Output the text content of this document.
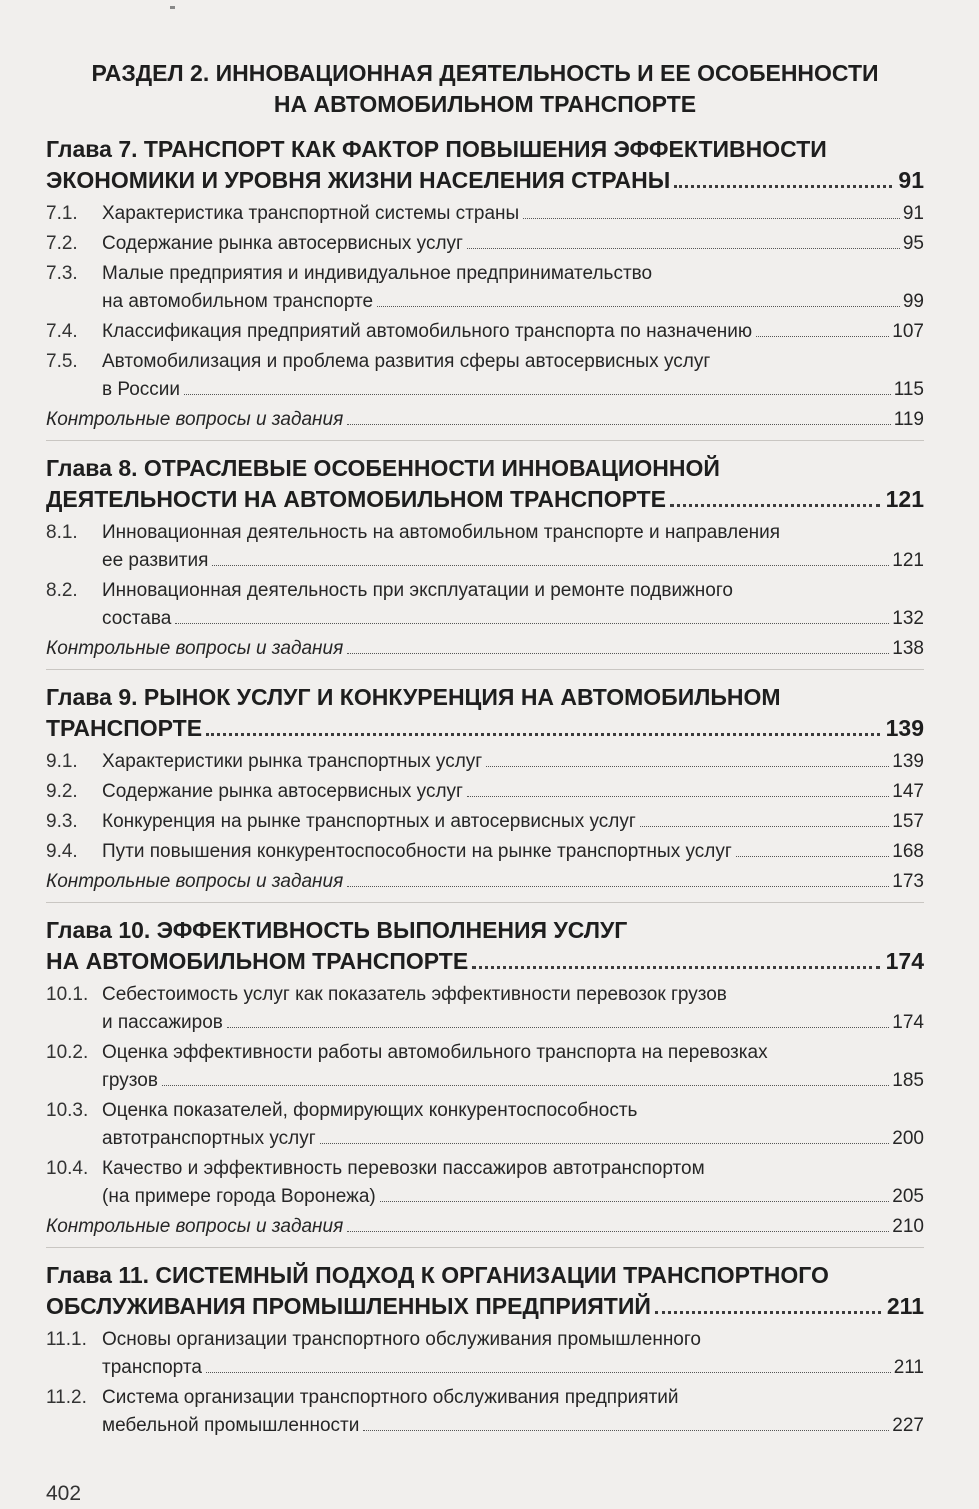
РАЗДЕЛ 2. ИННОВАЦИОННАЯ ДЕЯТЕЛЬНОСТЬ И ЕЕ ОСОБЕННОСТИ
НА АВТОМОБИЛЬНОМ ТРАНСПОРТЕ
Глава 7. ТРАНСПОРТ КАК ФАКТОР ПОВЫШЕНИЯ ЭФФЕКТИВНОСТИ
ЭКОНОМИКИ И УРОВНЯ ЖИЗНИ НАСЕЛЕНИЯ СТРАНЫ	91
7.1.	Характеристика транспортной системы страны	91
7.2.	Содержание рынка автосервисных услуг	95
7.3.	Малые предприятия и индивидуальное предпринимательство
на автомобильном транспорте	99
7.4.	Классификация предприятий автомобильного транспорта по назначению	107
7.5.	Автомобилизация и проблема развития сферы автосервисных услуг
в России	115
Контрольные вопросы и задания	119
Глава 8. ОТРАСЛЕВЫЕ ОСОБЕННОСТИ ИННОВАЦИОННОЙ
ДЕЯТЕЛЬНОСТИ НА АВТОМОБИЛЬНОМ ТРАНСПОРТЕ	121
8.1.	Инновационная деятельность на автомобильном транспорте и направления
ее развития	121
8.2.	Инновационная деятельность при эксплуатации и ремонте подвижного
состава	132
Контрольные вопросы и задания	138
Глава 9. РЫНОК УСЛУГ И КОНКУРЕНЦИЯ НА АВТОМОБИЛЬНОМ
ТРАНСПОРТЕ	139
9.1.	Характеристики рынка транспортных услуг	139
9.2.	Содержание рынка автосервисных услуг	147
9.3.	Конкуренция на рынке транспортных и автосервисных услуг	157
9.4.	Пути повышения конкурентоспособности на рынке транспортных услуг	168
Контрольные вопросы и задания	173
Глава 10. ЭФФЕКТИВНОСТЬ ВЫПОЛНЕНИЯ УСЛУГ
НА АВТОМОБИЛЬНОМ ТРАНСПОРТЕ	174
10.1. Себестоимость услуг как показатель эффективности перевозок грузов
и пассажиров	174
10.2. Оценка эффективности работы автомобильного транспорта на перевозках
грузов	185
10.3. Оценка показателей, формирующих конкурентоспособность
автотранспортных услуг	200
10.4. Качество и эффективность перевозки пассажиров автотранспортом
(на примере города Воронежа)	205
Контрольные вопросы и задания	210
Глава 11. СИСТЕМНЫЙ ПОДХОД К ОРГАНИЗАЦИИ ТРАНСПОРТНОГО
ОБСЛУЖИВАНИЯ ПРОМЫШЛЕННЫХ ПРЕДПРИЯТИЙ	211
11.1. Основы организации транспортного обслуживания промышленного
транспорта	211
11.2. Система организации транспортного обслуживания предприятий
мебельной промышленности	227
402
